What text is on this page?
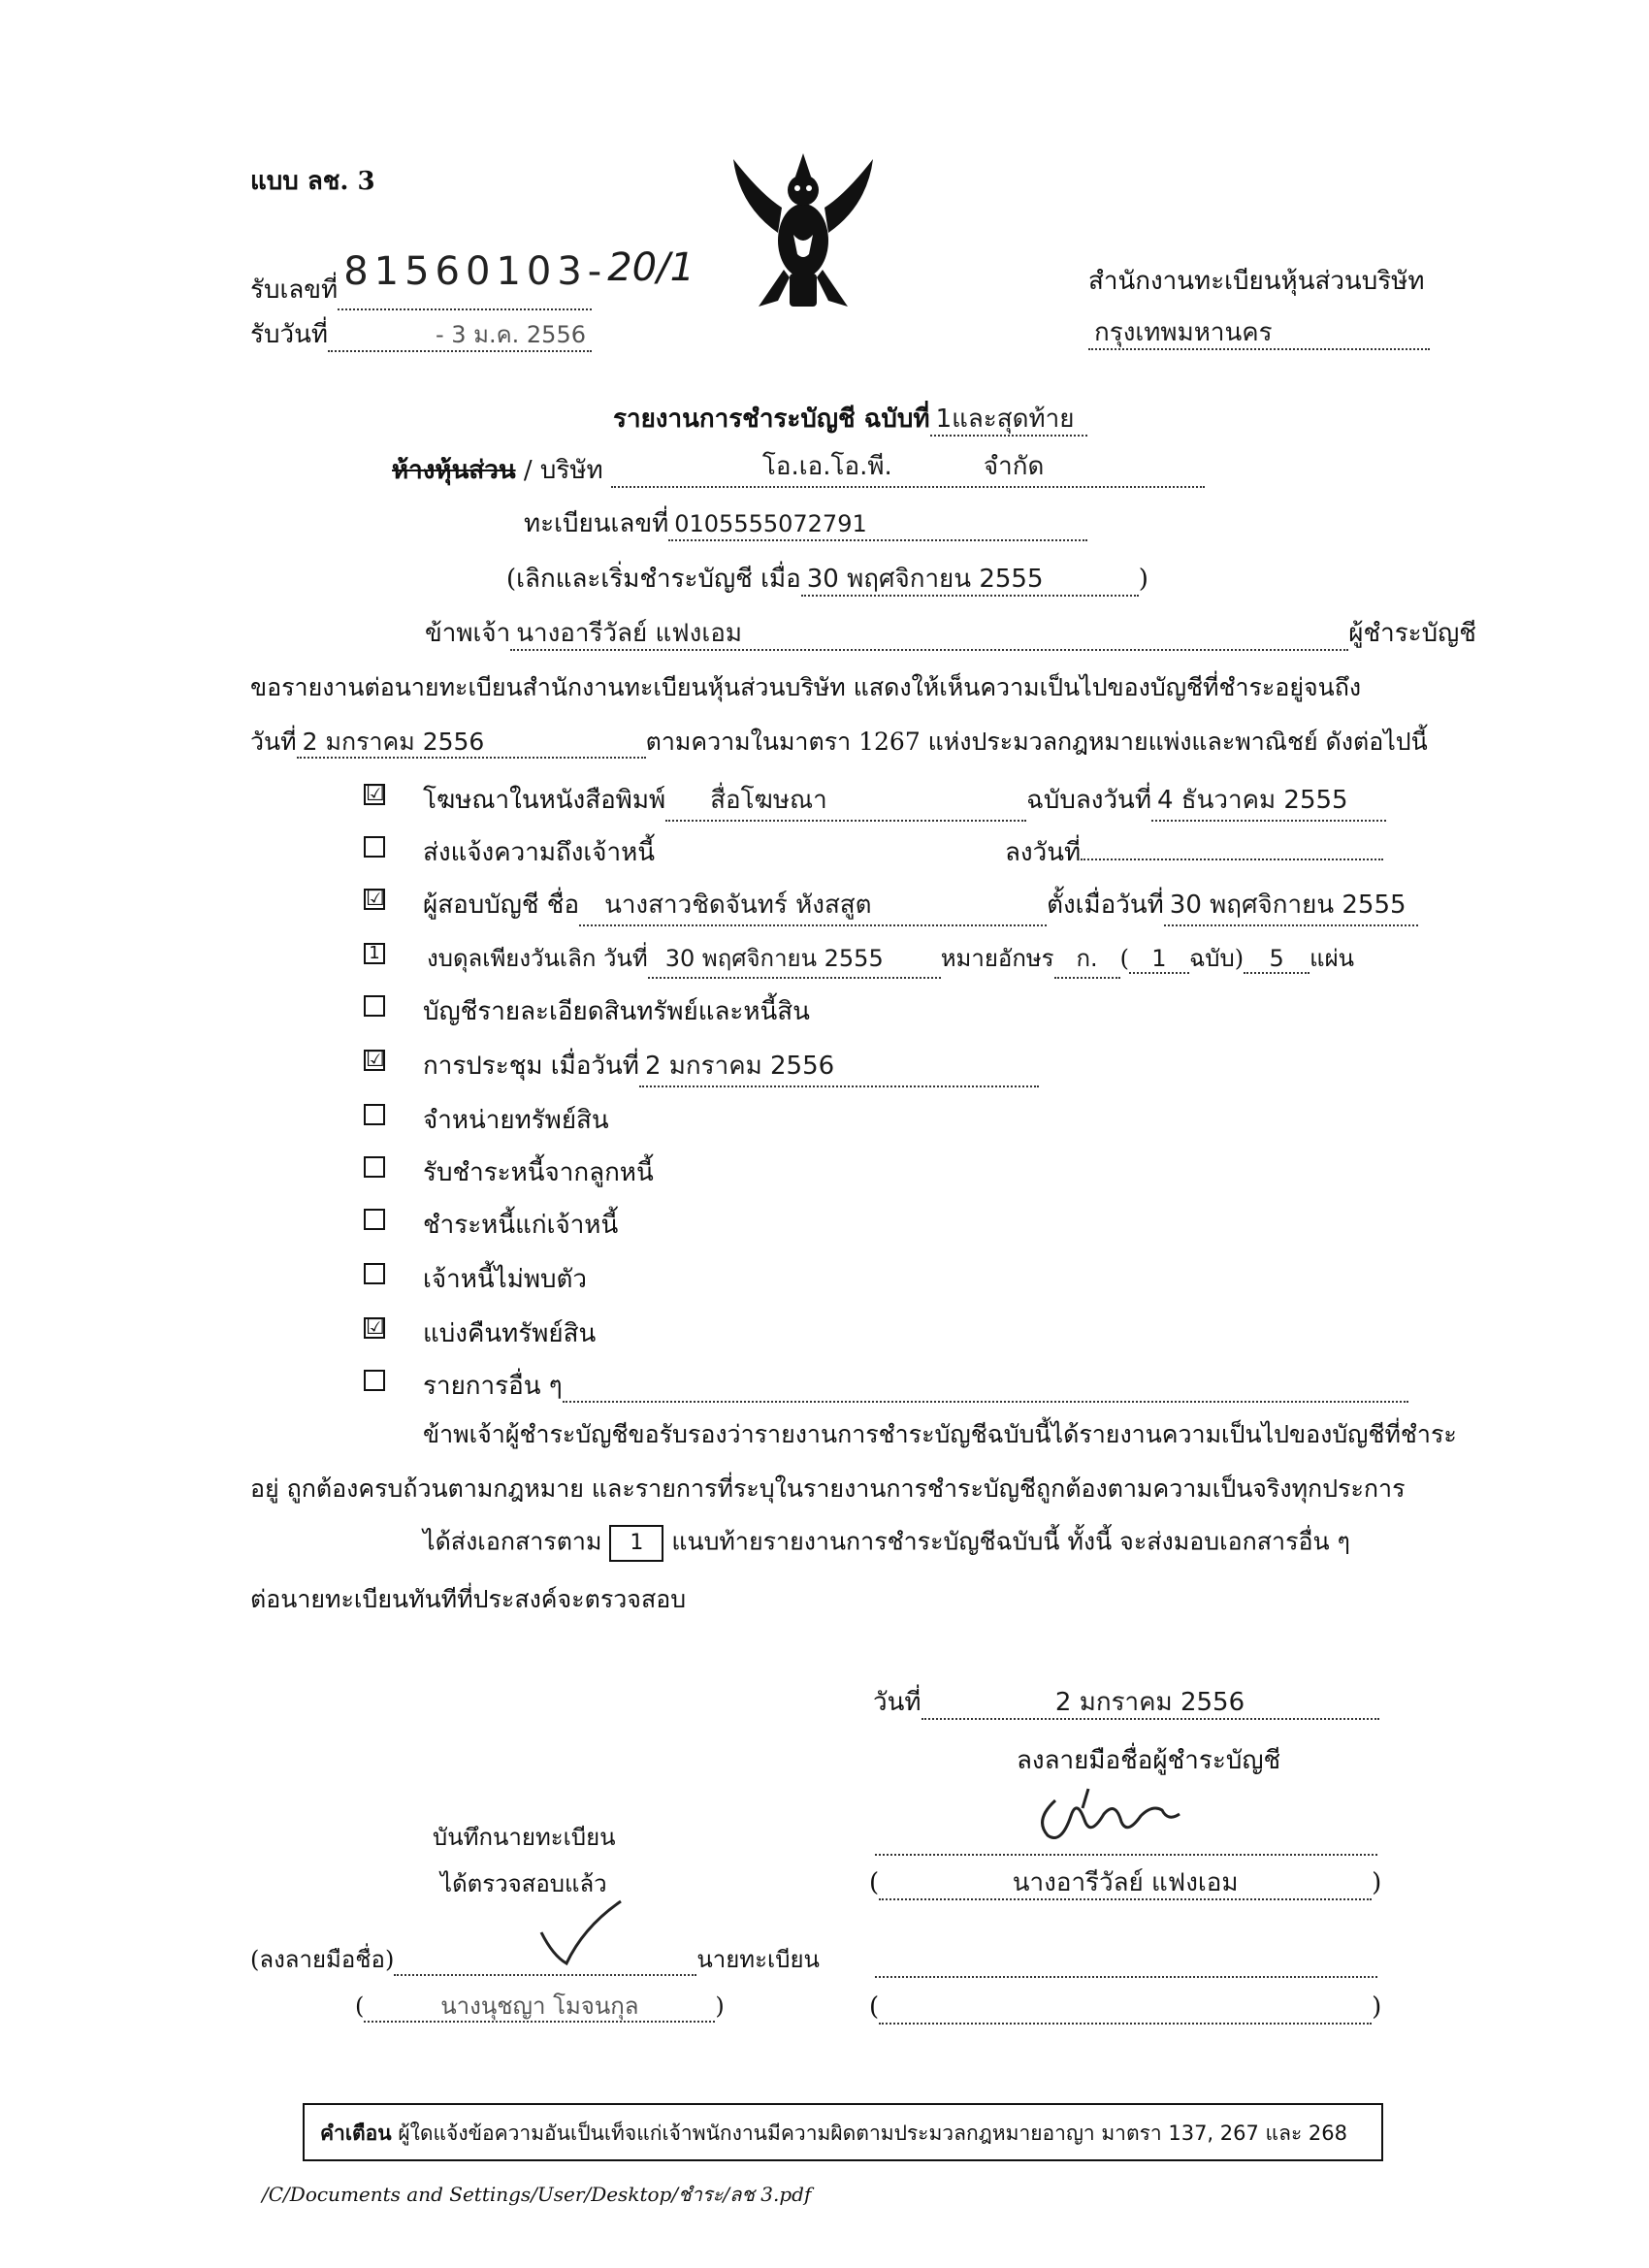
แบบ ลช. 3
รับเลขที่ 81560103-20/1
รับวันที่	- 3 ม.ค. 2556
สำนักงานทะเบียนหุ้นส่วนบริษัท
กรุงเทพมหานคร
รายงานการชำระบัญชี ฉบับที่ 1และสุดท้าย
ห้างหุ้นส่วน / บริษัท	โอ.เอ.โอ.พี.	จำกัด

ทะเบียนเลขที่ 0105555072791
(เลิกและเริ่มชำระบัญชี เมื่อ 30 พฤศจิกายน 2555	)
ข้าพเจ้า นางอารีวัลย์ แฟงเอม	ผู้ชำระบัญชี
ขอรายงานต่อนายทะเบียนสำนักงานทะเบียนหุ้นส่วนบริษัท แสดงให้เห็นความเป็นไปของบัญชีที่ชำระอยู่จนถึง
วันที่ 2 มกราคม 2556	ตามความในมาตรา 1267 แห่งประมวลกฎหมายแพ่งและพาณิชย์ ดังต่อไปนี้
☑ โฆษณาในหนังสือพิมพ์ สื่อโฆษณา	ฉบับลงวันที่ 4 ธันวาคม 2555
ส่งแจ้งความถึงเจ้าหนี้	ลงวันที่
☑ ผู้สอบบัญชี ชื่อ นางสาวชิดจันทร์ หังสสูต	ตั้งเมื่อวันที่ 30 พฤศจิกายน 2555
1 งบดุลเพียงวันเลิก วันที่ 30 พฤศจิกายน 2555 หมายอักษร ก. ( 1 ฉบับ) 5 แผ่น
บัญชีรายละเอียดสินทรัพย์และหนี้สิน
☑ การประชุม เมื่อวันที่ 2 มกราคม 2556
จำหน่ายทรัพย์สิน
รับชำระหนี้จากลูกหนี้
ชำระหนี้แก่เจ้าหนี้
เจ้าหนี้ไม่พบตัว
☑ แบ่งคืนทรัพย์สิน
รายการอื่น ๆ
ข้าพเจ้าผู้ชำระบัญชีขอรับรองว่ารายงานการชำระบัญชีฉบับนี้ได้รายงานความเป็นไปของบัญชีที่ชำระ
อยู่ ถูกต้องครบถ้วนตามกฎหมาย และรายการที่ระบุในรายงานการชำระบัญชีถูกต้องตามความเป็นจริงทุกประการ
ได้ส่งเอกสารตาม 1 แนบท้ายรายงานการชำระบัญชีฉบับนี้ ทั้งนี้ จะส่งมอบเอกสารอื่น ๆ
ต่อนายทะเบียนทันทีที่ประสงค์จะตรวจสอบ
วันที่	2 มกราคม 2556
ลงลายมือชื่อผู้ชำระบัญชี

(	นางอารีวัลย์ แฟงเอม	)
บันทึกนายทะเบียน
ได้ตรวจสอบแล้ว
(ลงลายมือชื่อ)	นายทะเบียน
(	นางนุชญา โมจนกุล	)
	(	)
คำเตือน ผู้ใดแจ้งข้อความอันเป็นเท็จแก่เจ้าพนักงานมีความผิดตามประมวลกฎหมายอาญา มาตรา 137, 267 และ 268
/C/Documents and Settings/User/Desktop/ชำระ/ลช 3.pdf
